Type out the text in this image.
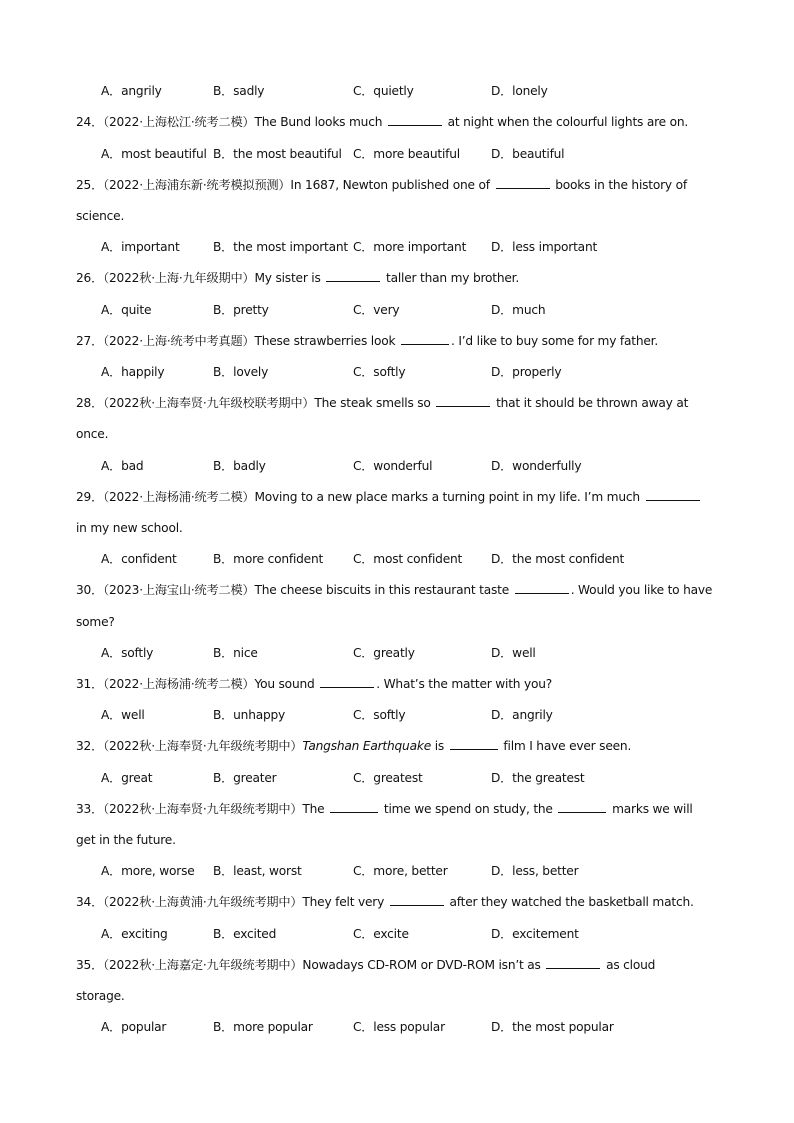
A．angrily	B．sadly	C．quietly	D．lonely
24．（2022·上海松江·统考二模）The Bund looks much	at night when the colourful lights are on.
A．most beautiful B．the most beautiful C．more beautiful	D．beautiful
25．（2022·上海浦东新·统考模拟预测）In 1687, Newton published one of	books in the history of
science.
A．important	B．the most important C．more important D．less important
26．（2022秋·上海·九年级期中）My sister is	taller than my brother.
A．quite	B．pretty	C．very	D．much
27．（2022·上海·统考中考真题）These strawberries look	. I’d like to buy some for my father.
A．happily	B．lovely	C．softly	D．properly
28．（2022秋·上海奉贤·九年级校联考期中）The steak smells so	that it should be thrown away at
once.
A．bad	B．badly	C．wonderful	D．wonderfully
29．（2022·上海杨浦·统考二模）Moving to a new place marks a turning point in my life. I’m much
in my new school.
A．confident	B．more confident C．most confident D．the most confident
30．（2023·上海宝山·统考二模）The cheese biscuits in this restaurant taste	. Would you like to have
some?
A．softly	B．nice	C．greatly	D．well
31．（2022·上海杨浦·统考二模）You sound	. What’s the matter with you?
A．well	B．unhappy	C．softly	D．angrily
32．（2022秋·上海奉贤·九年级统考期中）Tangshan Earthquake is	film I have ever seen.
A．great	B．greater	C．greatest	D．the greatest
33．（2022秋·上海奉贤·九年级统考期中）The	time we spend on study, the	marks we will
get in the future.
A．more, worse B．least, worst	C．more, better	D．less, better
34．（2022秋·上海黄浦·九年级统考期中）They felt very	after they watched the basketball match.
A．exciting	B．excited	C．excite	D．excitement
35．（2022秋·上海嘉定·九年级统考期中）Nowadays CD-ROM or DVD-ROM isn’t as	as cloud
storage.
A．popular	B．more popular	C．less popular	D．the most popular
